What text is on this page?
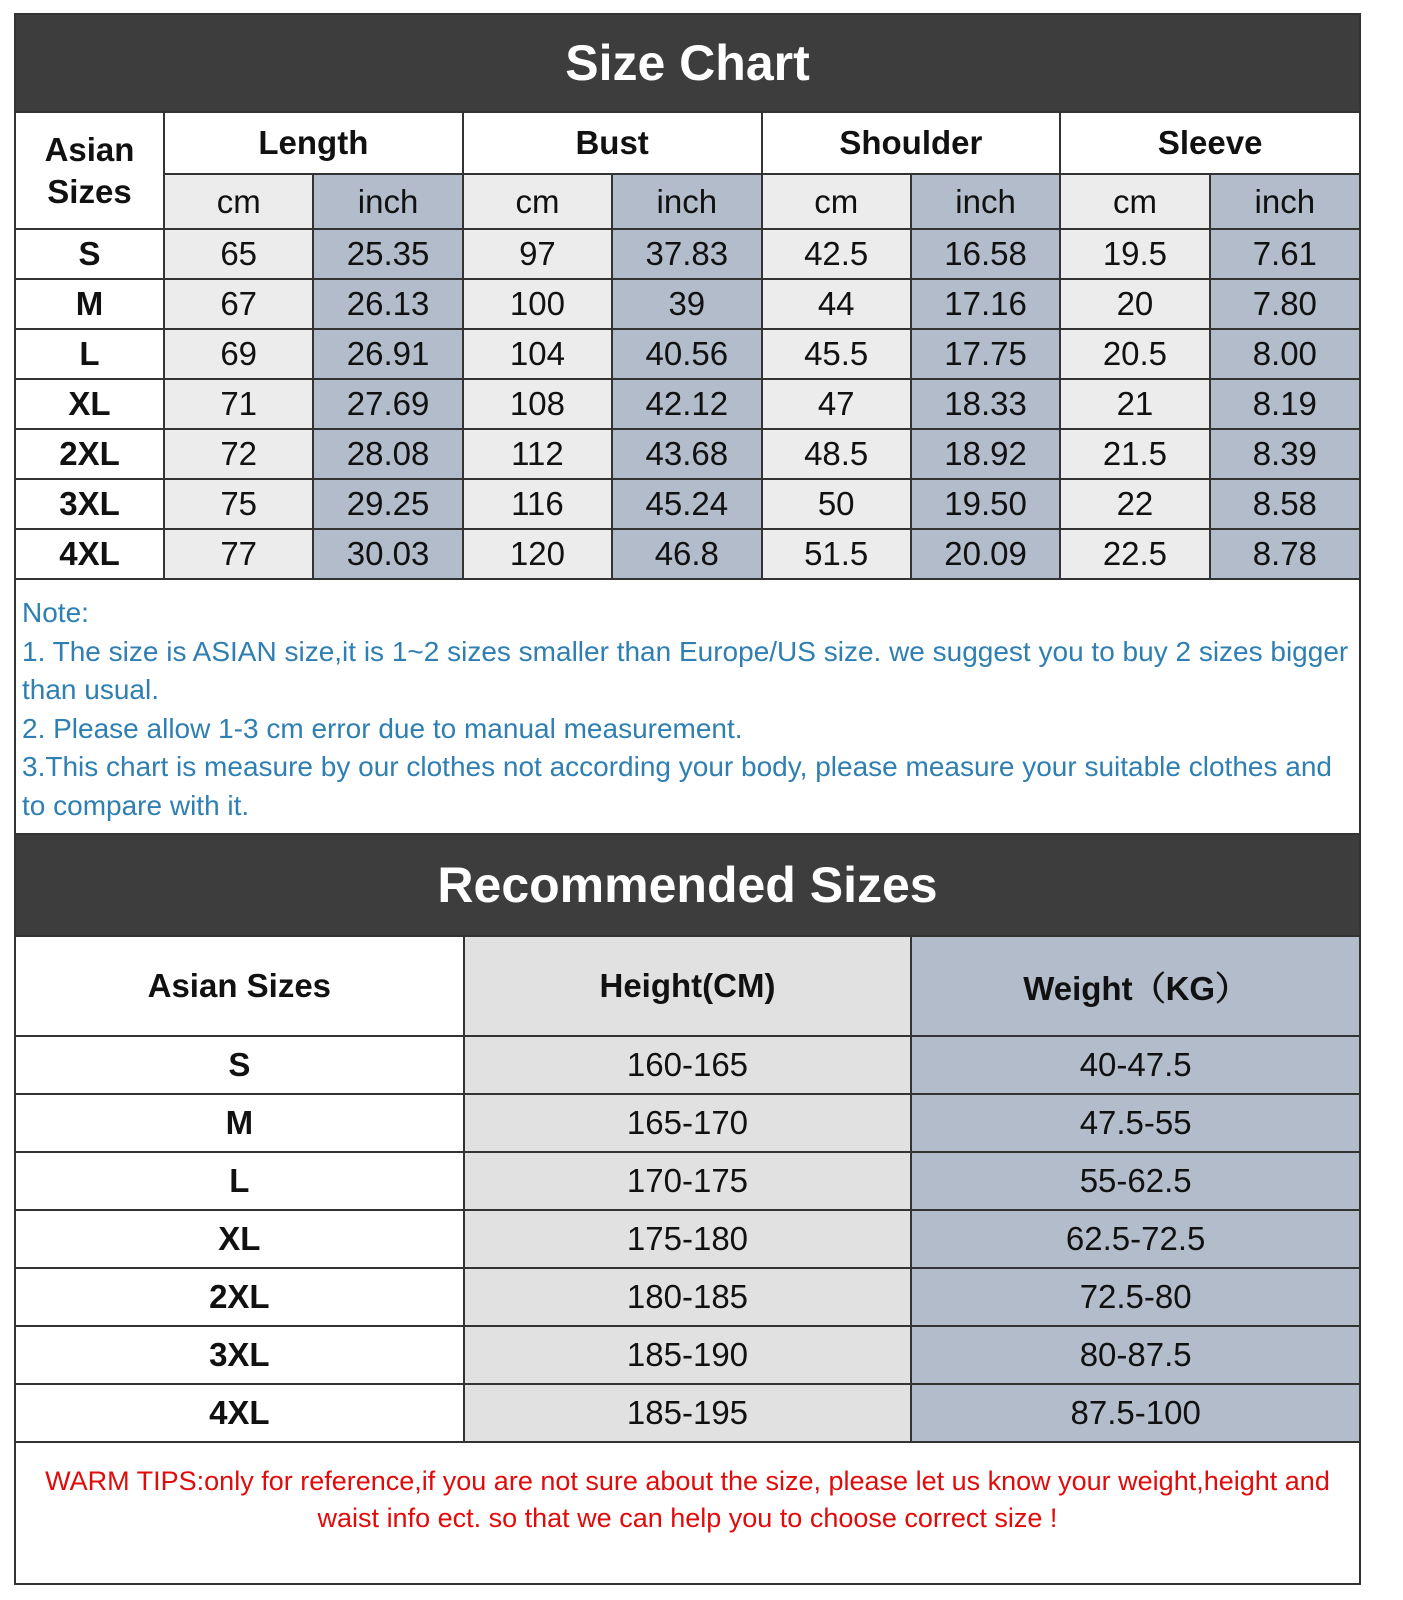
Size Chart
Asian
Sizes	Length		Bust		Shoulder		Sleeve	
	cm	inch	cm	inch	cm	inch	cm	inch
S	65	25.35	97	37.83	42.5	16.58	19.5	7.61
M	67	26.13	100	39	44	17.16	20	7.80
L	69	26.91	104	40.56	45.5	17.75	20.5	8.00
XL	71	27.69	108	42.12	47	18.33	21	8.19
2XL	72	28.08	112	43.68	48.5	18.92	21.5	8.39
3XL	75	29.25	116	45.24	50	19.50	22	8.58
4XL	77	30.03	120	46.8	51.5	20.09	22.5	8.78

Note:

1. The size is ASIAN size,it is 1~2 sizes smaller than Europe/US size. we suggest you to buy 2 sizes bigger than usual.

2. Please allow 1-3 cm error due to manual measurement.

3.This chart is measure by our clothes not according your body, please measure your suitable clothes and to compare with it.

Recommended Sizes
Asian Sizes	Height(CM)	Weight（KG）
S	160-165	40-47.5
M	165-170	47.5-55
L	170-175	55-62.5
XL	175-180	62.5-72.5
2XL	180-185	72.5-80
3XL	185-190	80-87.5
4XL	185-195	87.5-100

WARM TIPS:only for reference,if you are not sure about the size, please let us know your weight,height and

waist info ect. so that we can help you to choose correct size !
